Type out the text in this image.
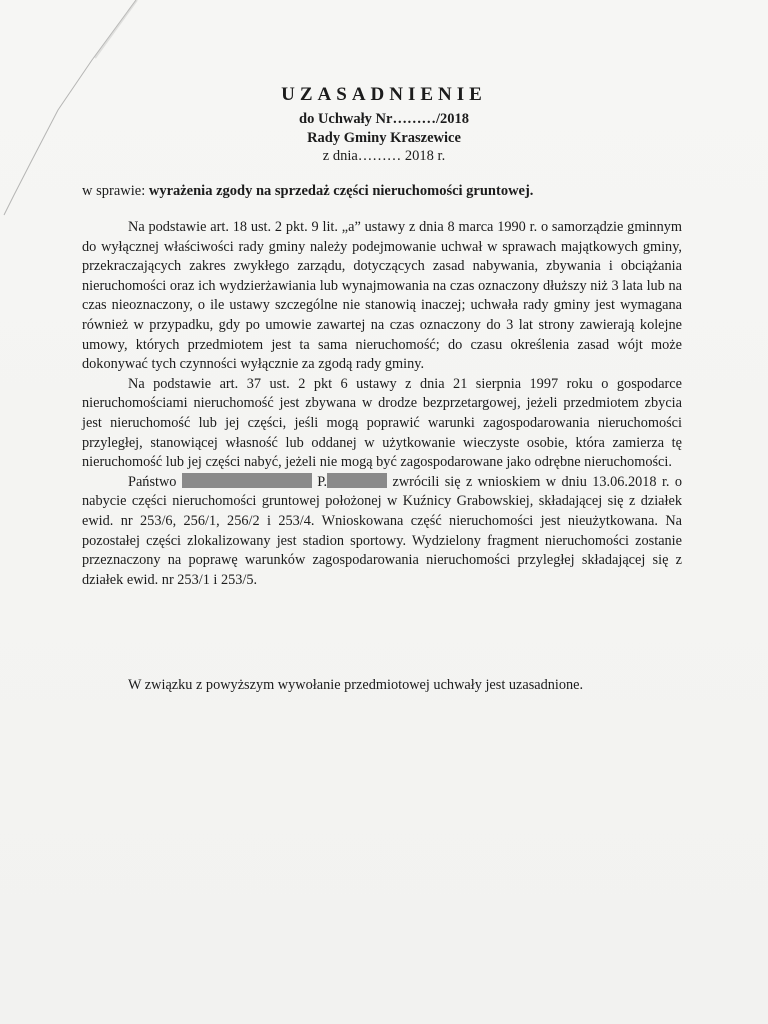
UZASADNIENIE
do Uchwały Nr………/2018
Rady Gminy Kraszewice
z dnia……… 2018 r.
w sprawie: wyrażenia zgody na sprzedaż części nieruchomości gruntowej.

Na podstawie art. 18 ust. 2 pkt. 9 lit. „a” ustawy z dnia 8 marca 1990 r. o samorządzie gminnym do wyłącznej właściwości rady gminy należy podejmowanie uchwał w sprawach majątkowych gminy, przekraczających zakres zwykłego zarządu, dotyczących zasad nabywania, zbywania i obciążania nieruchomości oraz ich wydzierżawiania lub wynajmowania na czas oznaczony dłuższy niż 3 lata lub na czas nieoznaczony, o ile ustawy szczególne nie stanowią inaczej; uchwała rady gminy jest wymagana również w przypadku, gdy po umowie zawartej na czas oznaczony do 3 lat strony zawierają kolejne umowy, których przedmiotem jest ta sama nieruchomość; do czasu określenia zasad wójt może dokonywać tych czynności wyłącznie za zgodą rady gminy.

Na podstawie art. 37 ust. 2 pkt 6 ustawy z dnia 21 sierpnia 1997 roku o gospodarce nieruchomościami nieruchomość jest zbywana w drodze bezprzetargowej, jeżeli przedmiotem zbycia jest nieruchomość lub jej części, jeśli mogą poprawić warunki zagospodarowania nieruchomości przyległej, stanowiącej własność lub oddanej w użytkowanie wieczyste osobie, która zamierza tę nieruchomość lub jej części nabyć, jeżeli nie mogą być zagospodarowane jako odrębne nieruchomości.

Państwo	P.	zwrócili się z wnioskiem w dniu 13.06.2018 r. o nabycie części nieruchomości gruntowej położonej w Kuźnicy Grabowskiej, składającej się z działek ewid. nr 253/6, 256/1, 256/2 i 253/4. Wnioskowana część nieruchomości jest nieużytkowana. Na pozostałej części zlokalizowany jest stadion sportowy. Wydzielony fragment nieruchomości zostanie przeznaczony na poprawę warunków zagospodarowania nieruchomości przyległej składającej się z działek ewid. nr 253/1 i 253/5.

W związku z powyższym wywołanie przedmiotowej uchwały jest uzasadnione.
